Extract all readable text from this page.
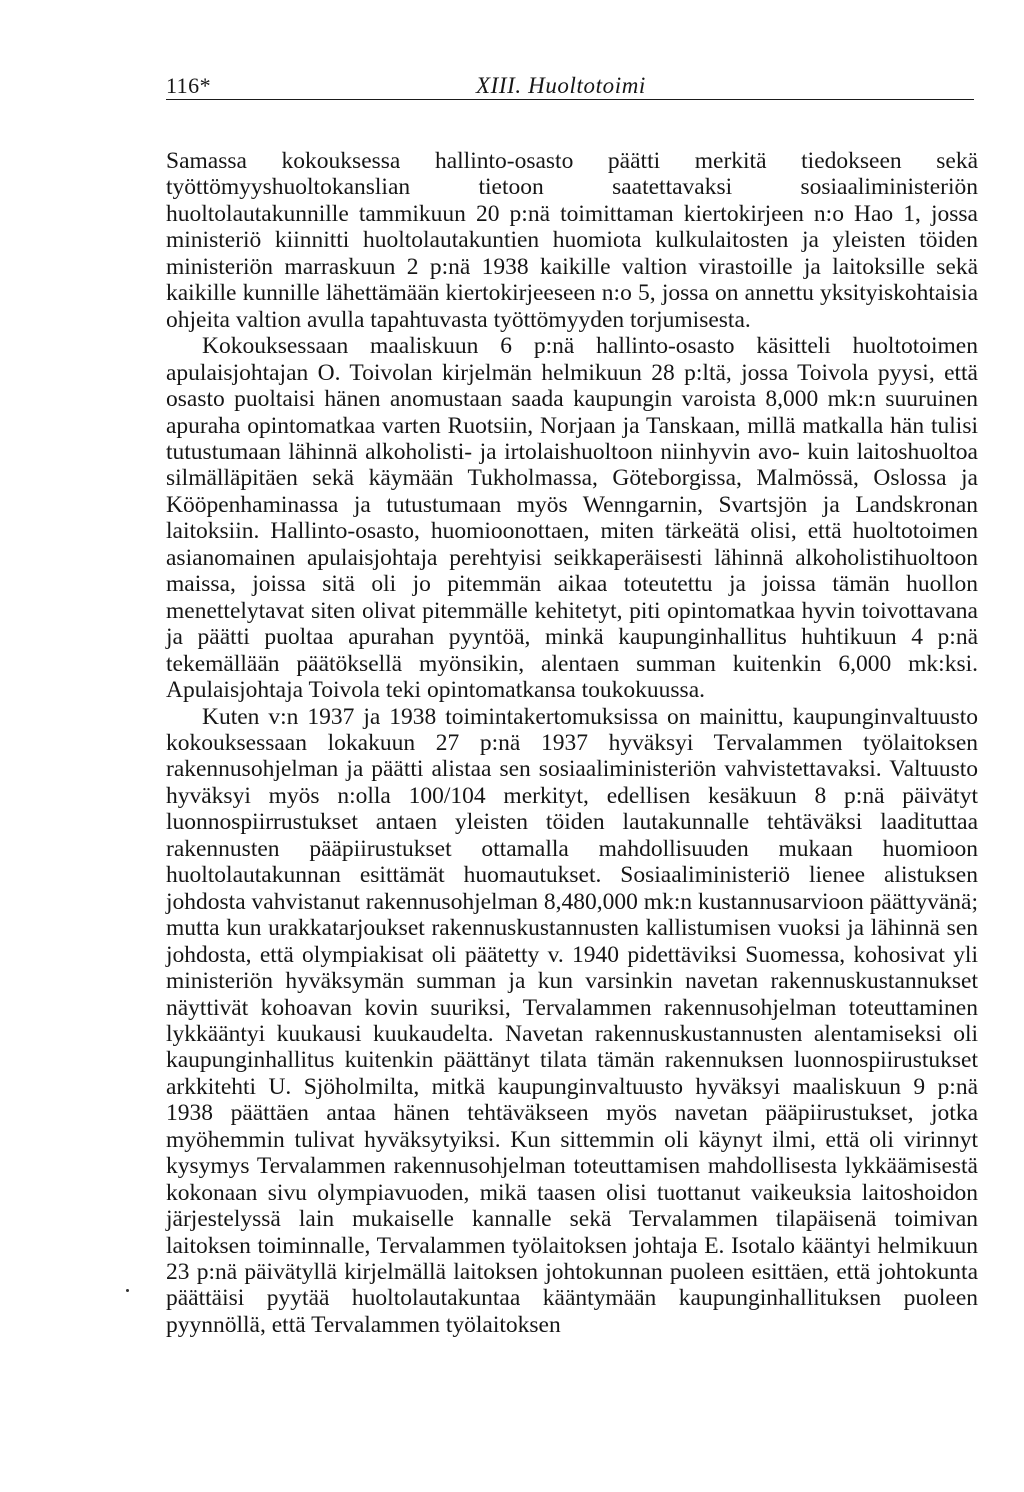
116*	XIII. Huoltotoimi

Samassa kokouksessa hallinto-osasto päätti merkitä tiedokseen sekä työttömyyshuoltokanslian tietoon saatettavaksi sosiaaliministeriön huoltolautakunnille tammikuun 20 p:nä toimittaman kiertokirjeen n:o Hao 1, jossa ministeriö kiinnitti huoltolautakuntien huomiota kulkulaitosten ja yleisten töiden ministeriön marraskuun 2 p:nä 1938 kaikille valtion virastoille ja laitoksille sekä kaikille kunnille lähettämään kiertokirjeeseen n:o 5, jossa on annettu yksityiskohtaisia ohjeita valtion avulla tapahtuvasta työttömyyden torjumisesta.

Kokouksessaan maaliskuun 6 p:nä hallinto-osasto käsitteli huoltotoimen apulaisjohtajan O. Toivolan kirjelmän helmikuun 28 p:ltä, jossa Toivola pyysi, että osasto puoltaisi hänen anomustaan saada kaupungin varoista 8,000 mk:n suuruinen apuraha opintomatkaa varten Ruotsiin, Norjaan ja Tanskaan, millä matkalla hän tulisi tutustumaan lähinnä alkoholisti- ja irtolaishuoltoon niinhyvin avo- kuin laitoshuoltoa silmälläpitäen sekä käymään Tukholmassa, Göteborgissa, Malmössä, Oslossa ja Kööpenhaminassa ja tutustumaan myös Wenngarnin, Svartsjön ja Landskronan laitoksiin. Hallinto-osasto, huomioonottaen, miten tärkeätä olisi, että huoltotoimen asianomainen apulaisjohtaja perehtyisi seikkaperäisesti lähinnä alkoholistihuoltoon maissa, joissa sitä oli jo pitemmän aikaa toteutettu ja joissa tämän huollon menettelytavat siten olivat pitemmälle kehitetyt, piti opintomatkaa hyvin toivottavana ja päätti puoltaa apurahan pyyntöä, minkä kaupunginhallitus huhtikuun 4 p:nä tekemällään päätöksellä myönsikin, alentaen summan kuitenkin 6,000 mk:ksi. Apulaisjohtaja Toivola teki opintomatkansa toukokuussa.

Kuten v:n 1937 ja 1938 toimintakertomuksissa on mainittu, kaupunginvaltuusto kokouksessaan lokakuun 27 p:nä 1937 hyväksyi Tervalammen työlaitoksen rakennusohjelman ja päätti alistaa sen sosiaaliministeriön vahvistettavaksi. Valtuusto hyväksyi myös n:olla 100/104 merkityt, edellisen kesäkuun 8 p:nä päivätyt luonnospiirrustukset antaen yleisten töiden lautakunnalle tehtäväksi laadituttaa rakennusten pääpiirustukset ottamalla mahdollisuuden mukaan huomioon huoltolautakunnan esittämät huomautukset. Sosiaaliministeriö lienee alistuksen johdosta vahvistanut rakennusohjelman 8,480,000 mk:n kustannusarvioon päättyvänä; mutta kun urakkatarjoukset rakennuskustannusten kallistumisen vuoksi ja lähinnä sen johdosta, että olympiakisat oli päätetty v. 1940 pidettäviksi Suomessa, kohosivat yli ministeriön hyväksymän summan ja kun varsinkin navetan rakennuskustannukset näyttivät kohoavan kovin suuriksi, Tervalammen rakennusohjelman toteuttaminen lykkääntyi kuukausi kuukaudelta. Navetan rakennuskustannusten alentamiseksi oli kaupunginhallitus kuitenkin päättänyt tilata tämän rakennuksen luonnospiirustukset arkkitehti U. Sjöholmilta, mitkä kaupunginvaltuusto hyväksyi maaliskuun 9 p:nä 1938 päättäen antaa hänen tehtäväkseen myös navetan pääpiirustukset, jotka myöhemmin tulivat hyväksytyiksi. Kun sittemmin oli käynyt ilmi, että oli virinnyt kysymys Tervalammen rakennusohjelman toteuttamisen mahdollisesta lykkäämisestä kokonaan sivu olympiavuoden, mikä taasen olisi tuottanut vaikeuksia laitoshoidon järjestelyssä lain mukaiselle kannalle sekä Tervalammen tilapäisenä toimivan laitoksen toiminnalle, Tervalammen työlaitoksen johtaja E. Isotalo kääntyi helmikuun 23 p:nä päivätyllä kirjelmällä laitoksen johtokunnan puoleen esittäen, että johtokunta päättäisi pyytää huoltolautakuntaa kääntymään kaupunginhallituksen puoleen pyynnöllä, että Tervalammen työlaitoksen
